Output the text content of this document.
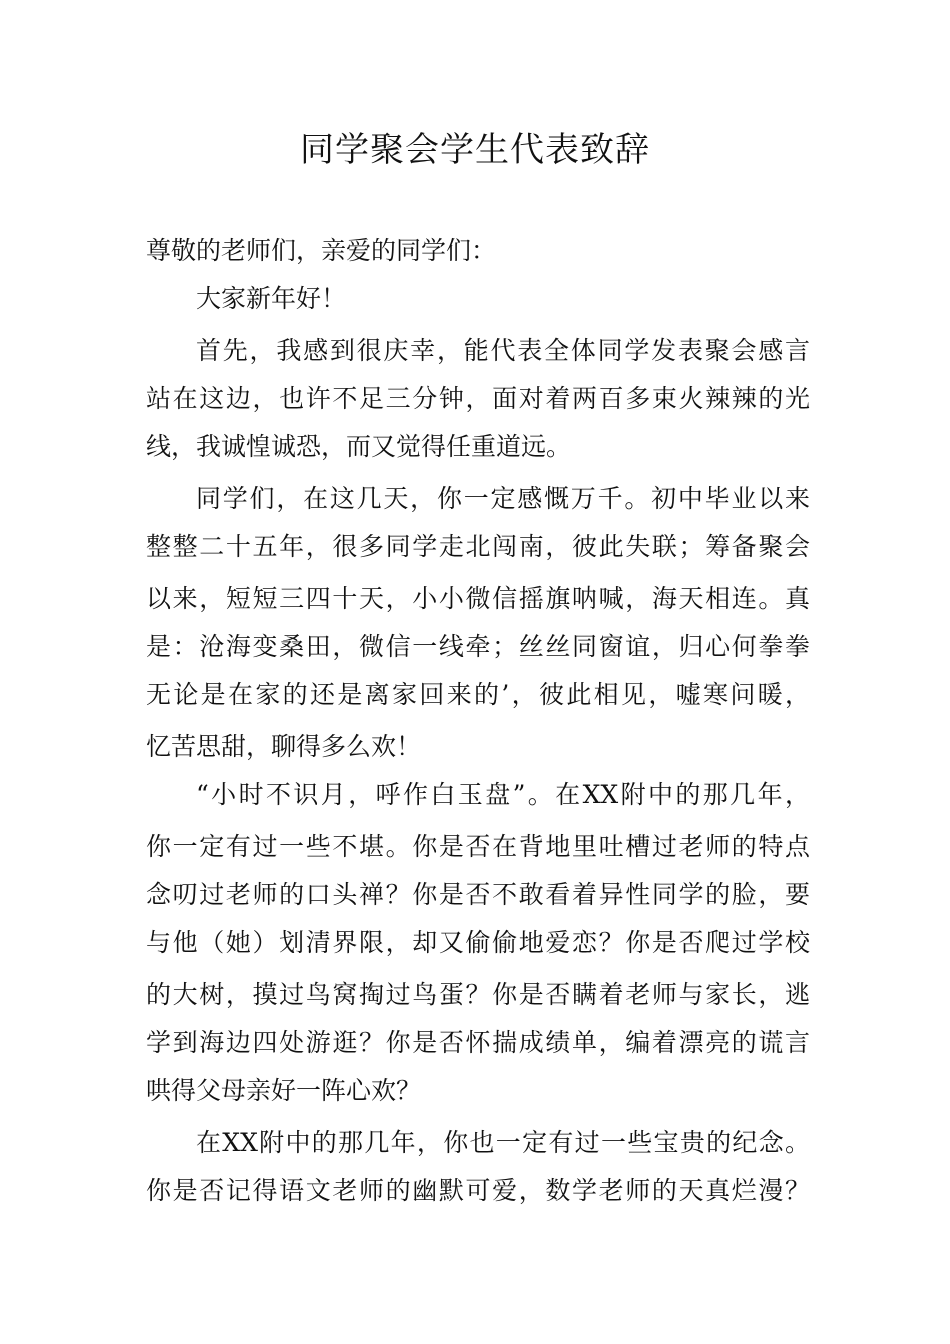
同学聚会学生代表致辞
尊敬的老师们，亲爱的同学们：
大家新年好！
首先，我感到很庆幸，能代表全体同学发表聚会感言
站在这边，也许不足三分钟，面对着两百多束火辣辣的光
线，我诚惶诚恐，而又觉得任重道远。
同学们，在这几天，你一定感慨万千。初中毕业以来
整整二十五年，很多同学走北闯南，彼此失联；筹备聚会
以来，短短三四十天，小小微信摇旗呐喊，海天相连。真
是：沧海变桑田，微信一线牵；丝丝同窗谊，归心何拳拳
无论是在家的还是离家回来的’，彼此相见，嘘寒问暖，
忆苦思甜，聊得多么欢！
“小时不识月，呼作白玉盘”。在XX附中的那几年，
你一定有过一些不堪。你是否在背地里吐槽过老师的特点
念叨过老师的口头禅？你是否不敢看着异性同学的脸，要
与他（她）划清界限，却又偷偷地爱恋？你是否爬过学校
的大树，摸过鸟窝掏过鸟蛋？你是否瞒着老师与家长，逃
学到海边四处游逛？你是否怀揣成绩单，编着漂亮的谎言
哄得父母亲好一阵心欢？
在XX附中的那几年，你也一定有过一些宝贵的纪念。
你是否记得语文老师的幽默可爱，数学老师的天真烂漫？
